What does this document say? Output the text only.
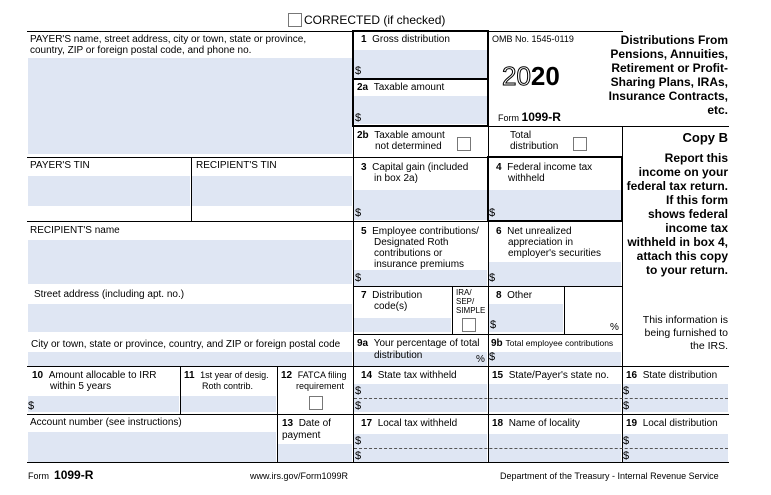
CORRECTED (if checked)
OMB No. 1545-0119
2020
Form 1099-R
Distributions From Pensions, Annuities, Retirement or Profit-Sharing Plans, IRAs, Insurance Contracts, etc.
Copy B
Report this income on your federal tax return. If this form shows federal income tax withheld in box 4, attach this copy to your return.
This information is being furnished to the IRS.
PAYER'S name, street address, city or town, state or province,
country, ZIP or foreign postal code, and phone no.
PAYER'S TIN	RECIPIENT'S TIN
RECIPIENT'S name
Street address (including apt. no.)
City or town, state or province, country, and ZIP or foreign postal code
Account number (see instructions)
1 Gross distribution
$
2a Taxable amount
$
2b Taxable amount
not determined
Total
distribution
3 Capital gain (included
in box 2a)
$
4 Federal income tax
withheld
$
5 Employee contributions/
Designated Roth
contributions or
insurance premiums
$
6 Net unrealized
appreciation in
employer's securities
$
7 Distribution
code(s)
IRA/
SEP/
SIMPLE
8 Other
$	%
9a Your percentage of total
distribution	%
9b Total employee contributions
$
10 Amount allocable to IRR
within 5 years
$
11 1st year of desig.
Roth contrib.
12 FATCA filing
requirement
13 Date of
payment
14 State tax withheld
$
$
15 State/Payer's state no. 16 State distribution
$
$
17 Local tax withheld
$
$
18 Name of locality	19 Local distribution
$
$
Form 1099-R	www.irs.gov/Form1099R	Department of the Treasury - Internal Revenue Service
